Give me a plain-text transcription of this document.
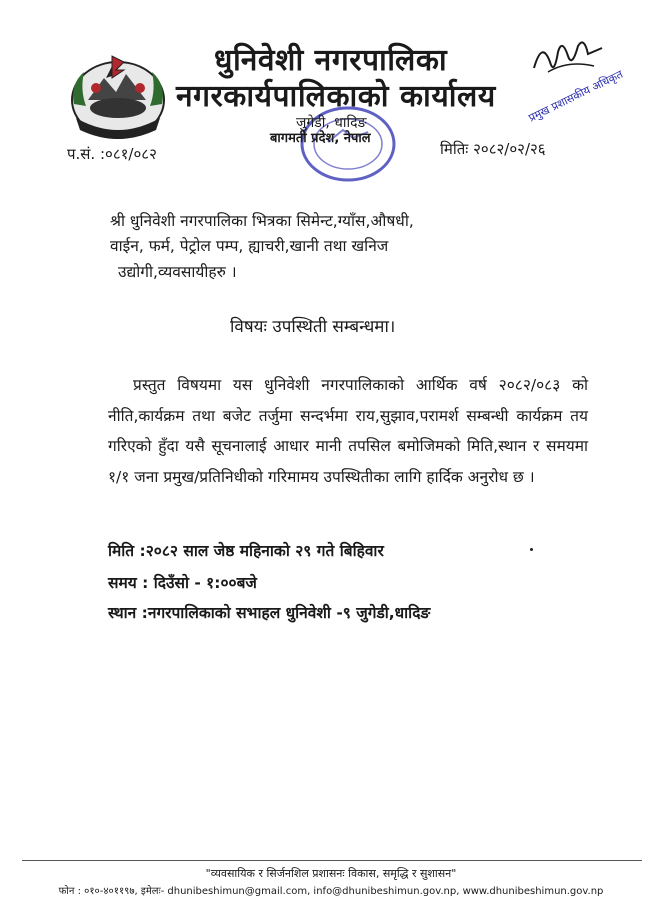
धुनिवेशी नगरपालिका
नगरकार्यपालिकाको कार्यालय
जुगेडी, धादिङ
बागमती प्रदेश, नेपाल
प.सं. :०८१/०८२	मितिः २०८२/०२/२६
प्रमुख प्रशासकीय अधिकृत
श्री धुनिवेशी नगरपालिका भित्रका सिमेन्ट,ग्याँस,औषधी,
वाईन, फर्म, पेट्रोल पम्प, ह्याचरी,खानी तथा खनिज
उद्योगी,व्यवसायीहरु ।
विषयः उपस्थिती सम्बन्धमा।

प्रस्तुत विषयमा यस धुनिवेशी नगरपालिकाको आर्थिक वर्ष २०८२/०८३ को नीति,कार्यक्रम तथा बजेट तर्जुमा सन्दर्भमा राय,सुझाव,परामर्श सम्बन्धी कार्यक्रम तय गरिएको हुँदा यसै सूचनालाई आधार मानी तपसिल बमोजिमको मिति,स्थान र समयमा १/१ जना प्रमुख/प्रतिनिधीको गरिमामय उपस्थितीका लागि हार्दिक अनुरोध छ ।

मिति :२०८२ साल जेष्ठ महिनाको २९ गते बिहिवार
समय : दिउँसो - १:००बजे
स्थान :नगरपालिकाको सभाहल धुनिवेशी -९ जुगेडी,धादिङ
"व्यवसायिक र सिर्जनशिल प्रशासनः विकास, समृद्धि र सुशासन"
फोन : ०१०-४०११९७, इमेलः- dhunibeshimun@gmail.com, info@dhunibeshimun.gov.np, www.dhunibeshimun.gov.np
